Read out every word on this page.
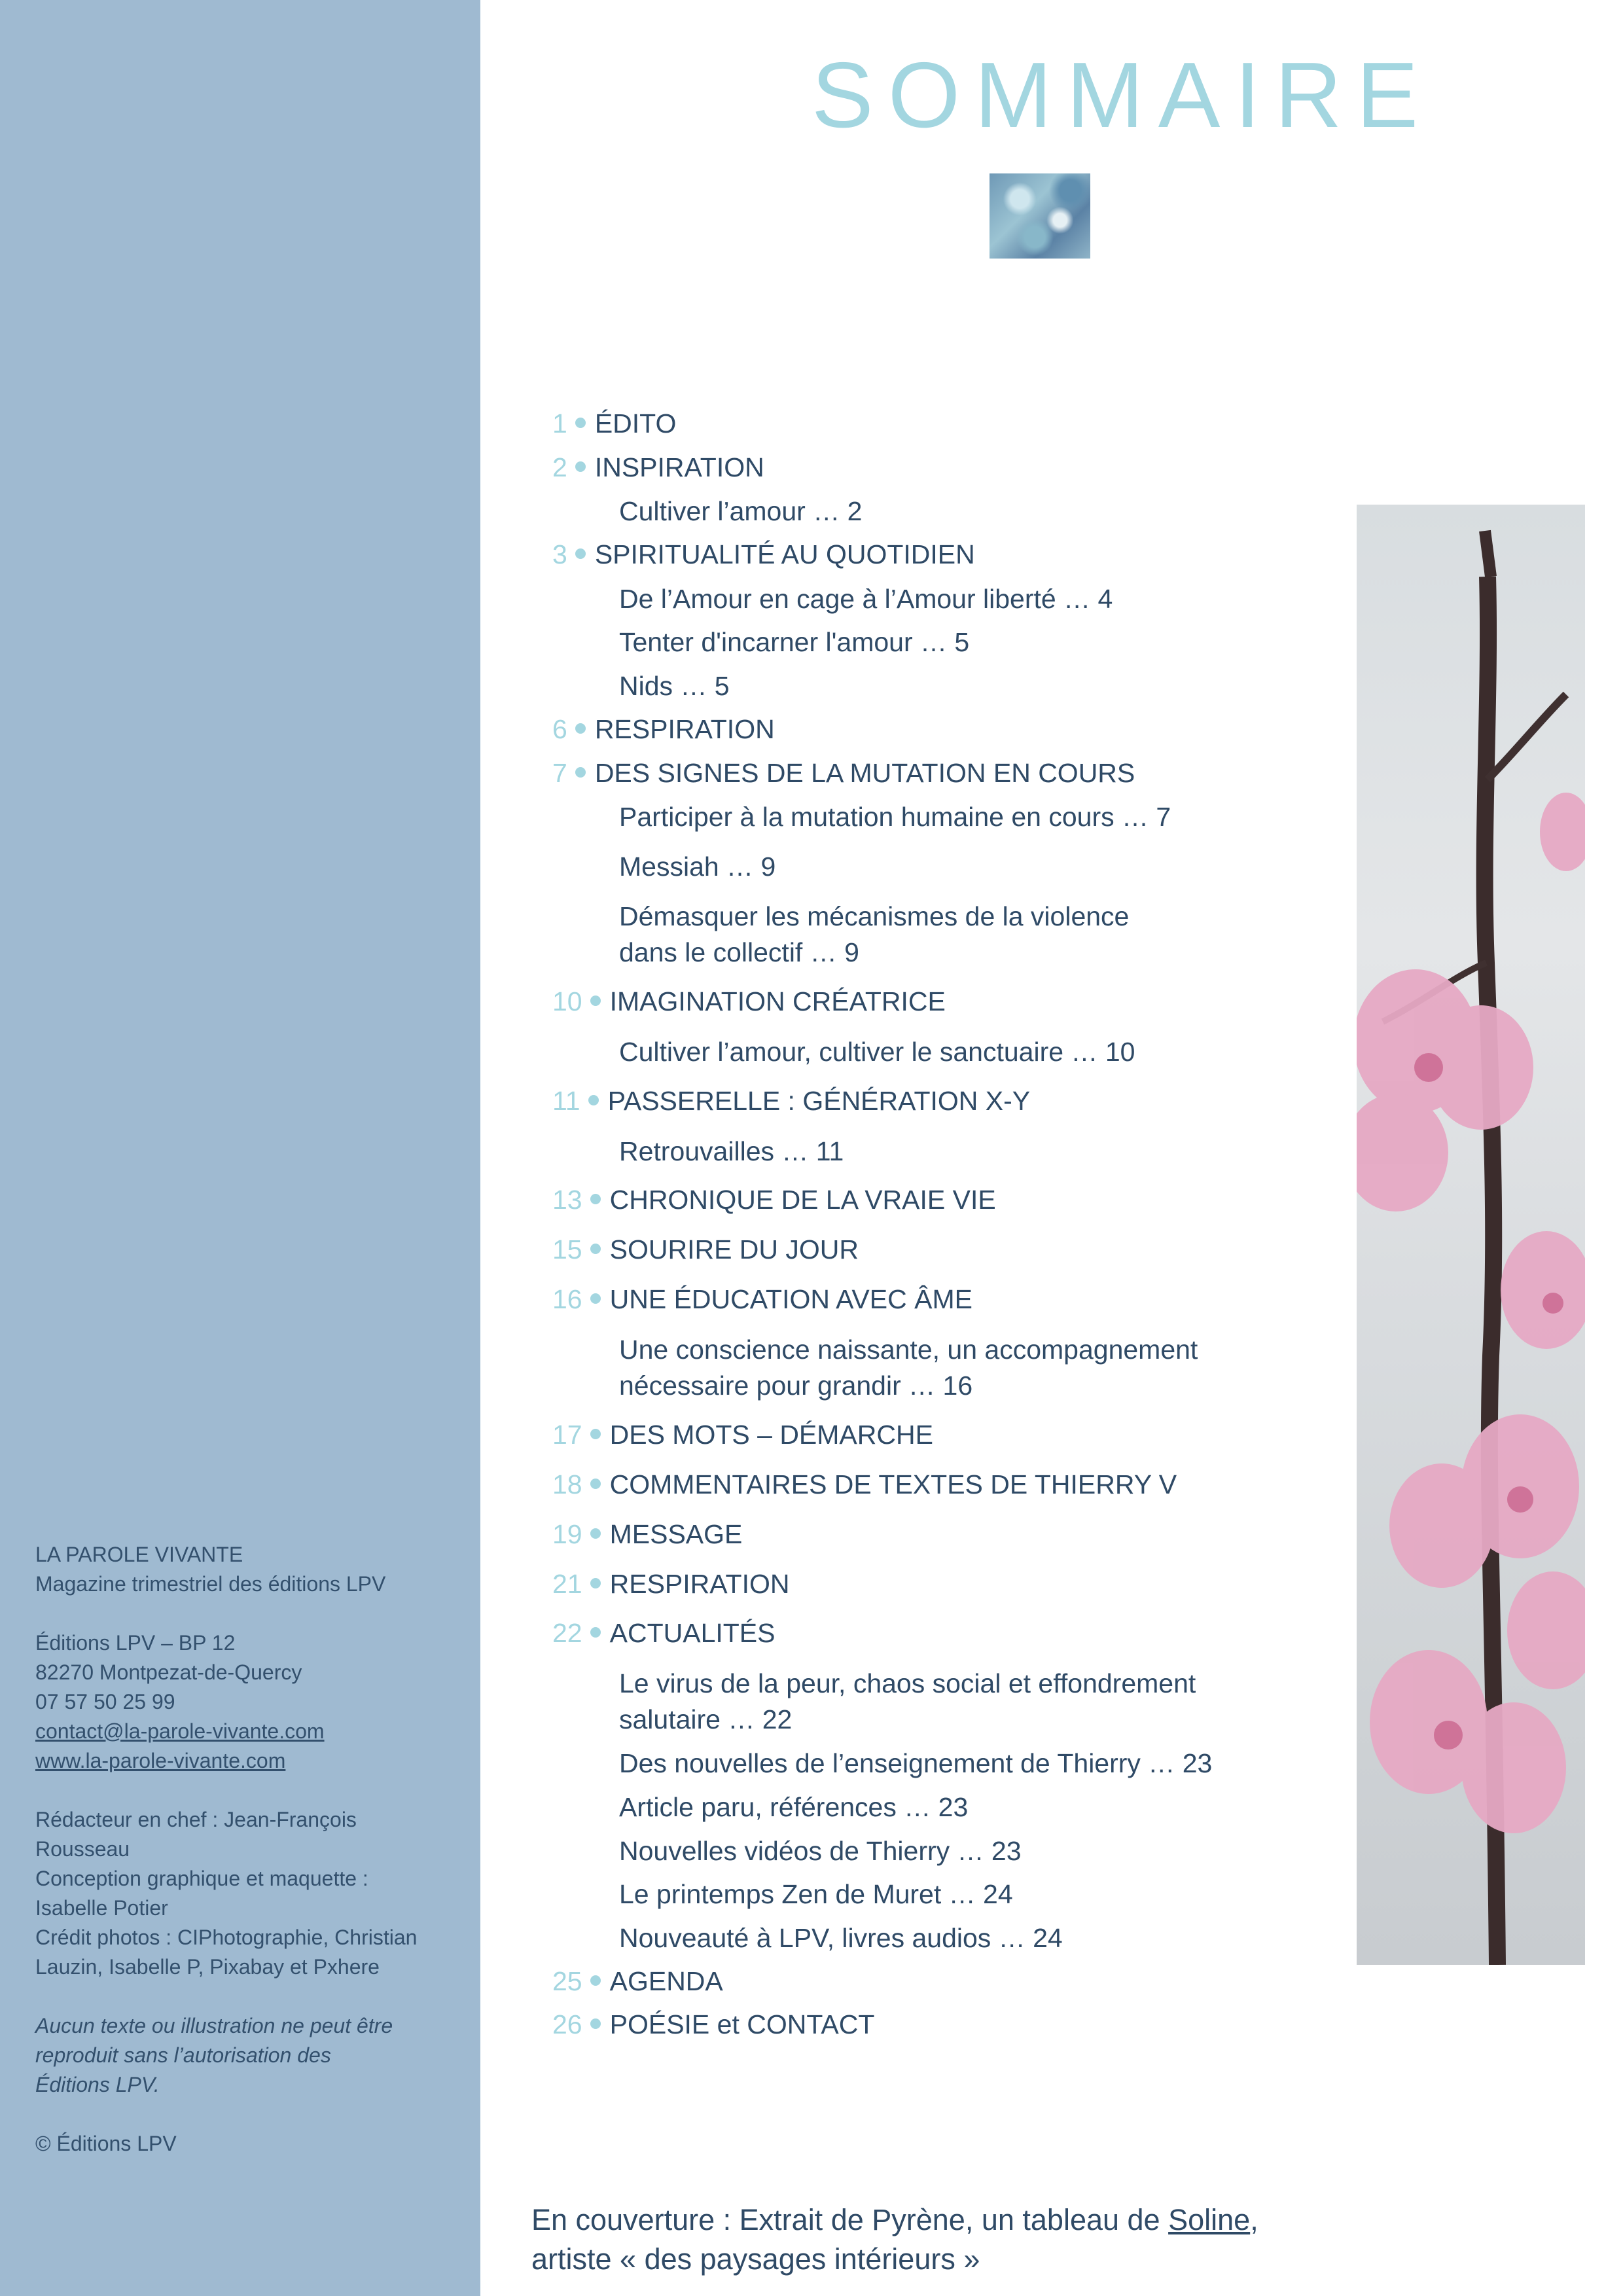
LA PAROLE VIVANTE
Magazine trimestriel des éditions LPV
Éditions LPV – BP 12
82270 Montpezat-de-Quercy
07 57 50 25 99
contact@la-parole-vivante.com
www.la-parole-vivante.com
Rédacteur en chef : Jean-François
Rousseau
Conception graphique et maquette :
Isabelle Potier
Crédit photos : CIPhotographie, Christian
Lauzin, Isabelle P, Pixabay et Pxhere
Aucun texte ou illustration ne peut être
reproduit sans l’autorisation des
Éditions LPV.
© Éditions LPV
SOMMAIRE
1 ÉDITO
2 INSPIRATION
Cultiver l’amour … 2
3 SPIRITUALITÉ AU QUOTIDIEN
De l’Amour en cage à l’Amour liberté … 4
Tenter d'incarner l'amour … 5
Nids … 5
6 RESPIRATION
7 DES SIGNES DE LA MUTATION EN COURS
Participer à la mutation humaine en cours … 7
Messiah … 9
Démasquer les mécanismes de la violence
dans le collectif … 9
10 IMAGINATION CRÉATRICE
Cultiver l’amour, cultiver le sanctuaire … 10
11 PASSERELLE : GÉNÉRATION X-Y
Retrouvailles … 11
13 CHRONIQUE DE LA VRAIE VIE
15 SOURIRE DU JOUR
16 UNE ÉDUCATION AVEC ÂME
Une conscience naissante, un accompagnement
nécessaire pour grandir … 16
17 DES MOTS – DÉMARCHE
18 COMMENTAIRES DE TEXTES DE THIERRY V
19 MESSAGE
21 RESPIRATION
22 ACTUALITÉS
Le virus de la peur, chaos social et effondrement
salutaire … 22
Des nouvelles de l’enseignement de Thierry … 23
Article paru, références … 23
Nouvelles vidéos de Thierry … 23
Le printemps Zen de Muret … 24
Nouveauté à LPV, livres audios … 24
25 AGENDA
26 POÉSIE et CONTACT
En couverture : Extrait de Pyrène, un tableau de Soline,
artiste « des paysages intérieurs »
